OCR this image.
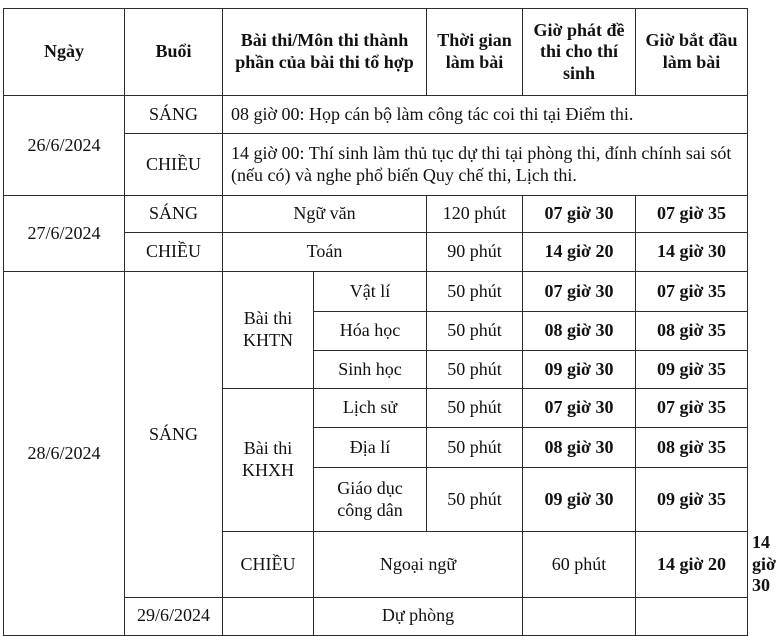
Ngày	Buổi	Bài thi/Môn thi thành phần của bài thi tổ hợp		Thời gian làm bài	Giờ phát đề thi cho thí sinh	Giờ bắt đầu làm bài	
26/6/2024	SÁNG	08 giờ 00: Họp cán bộ làm công tác coi thi tại Điểm thi.					
	CHIỀU	14 giờ 00: Thí sinh làm thủ tục dự thi tại phòng thi, đính chính sai sót (nếu có) và nghe phổ biến Quy chế thi, Lịch thi.					
27/6/2024	SÁNG	Ngữ văn		120 phút	07 giờ 30	07 giờ 35	
	CHIỀU	Toán		90 phút	14 giờ 20	14 giờ 30	
28/6/2024	SÁNG	Bài thi KHTN	Vật lí	50 phút	07 giờ 30	07 giờ 35	
			Hóa học	50 phút	08 giờ 30	08 giờ 35	
			Sinh học	50 phút	09 giờ 30	09 giờ 35	
		Bài thi KHXH	Lịch sử	50 phút	07 giờ 30	07 giờ 35	
			Địa lí	50 phút	08 giờ 30	08 giờ 35	
			Giáo dục công dân	50 phút	09 giờ 30	09 giờ 35	
		CHIỀU	Ngoại ngữ		60 phút	14 giờ 20	14 giờ 30
	29/6/2024		Dự phòng				
